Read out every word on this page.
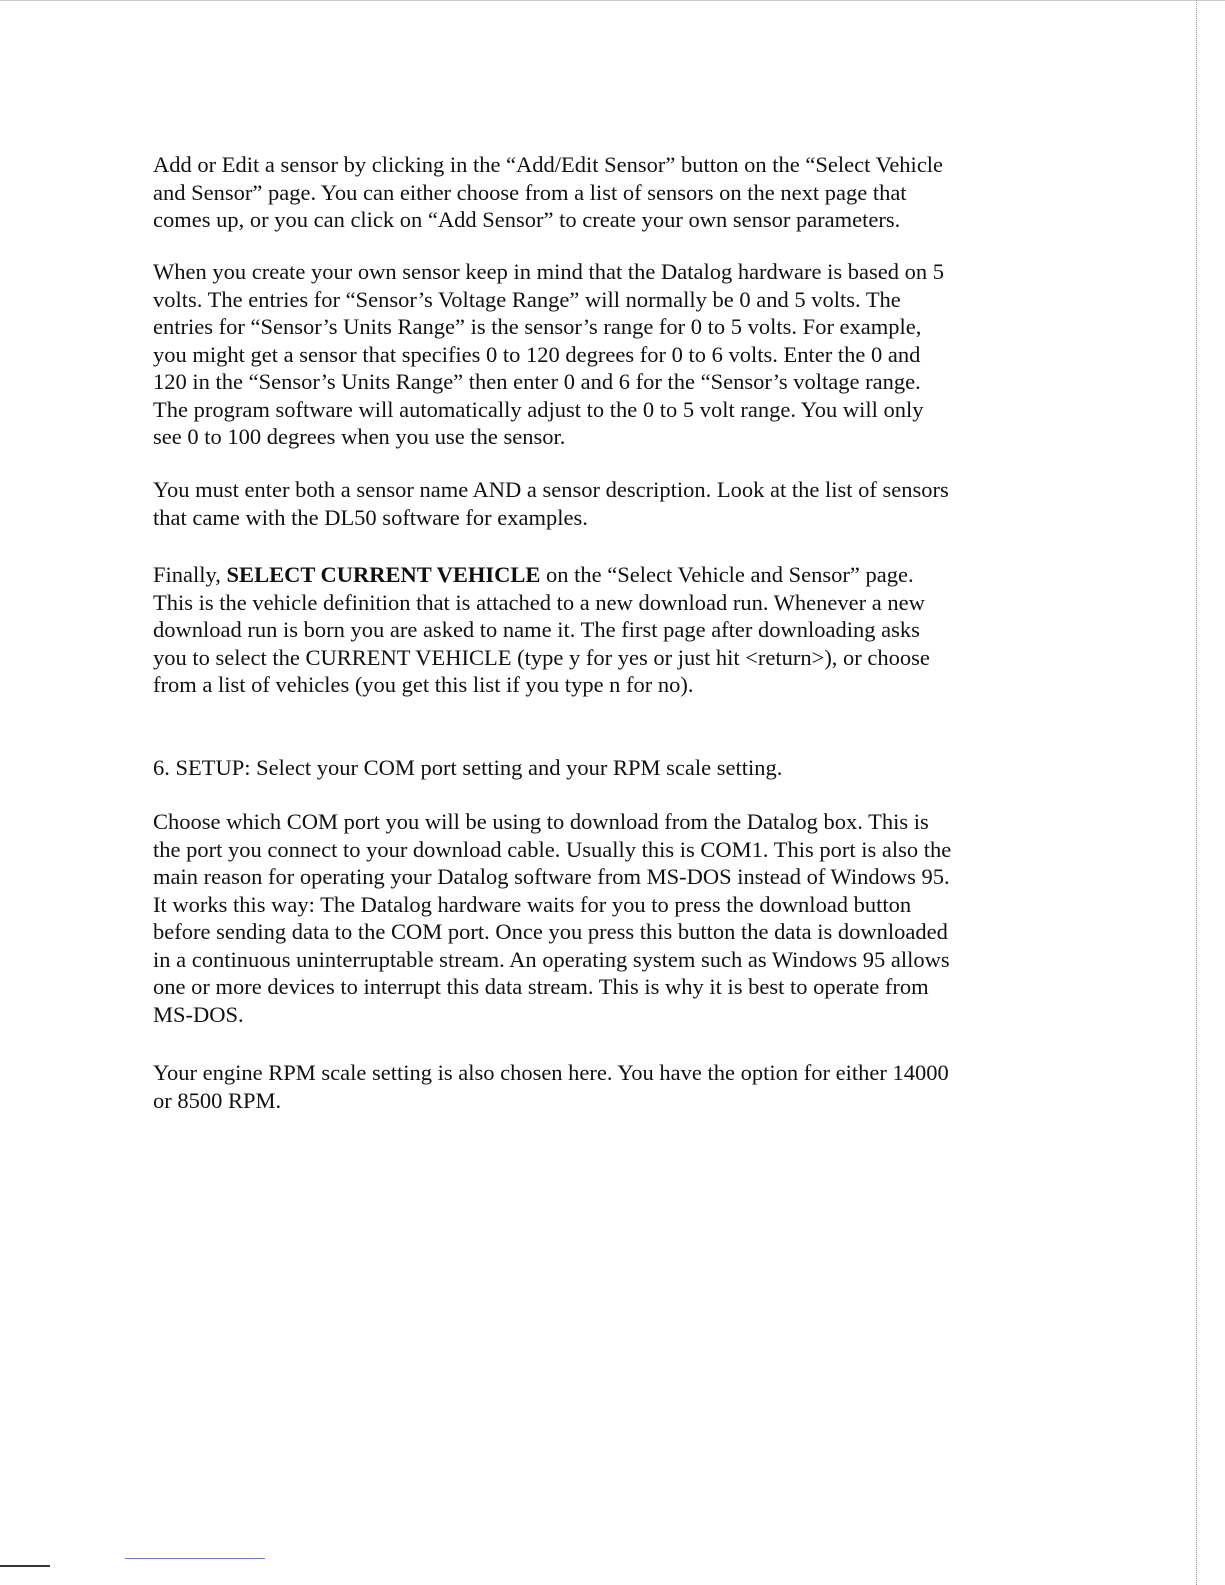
Add or Edit a sensor by clicking in the “Add/Edit Sensor” button on the “Select Vehicle
and Sensor” page. You can either choose from a list of sensors on the next page that
comes up, or you can click on “Add Sensor” to create your own sensor parameters.
When you create your own sensor keep in mind that the Datalog hardware is based on 5
volts. The entries for “Sensor’s Voltage Range” will normally be 0 and 5 volts. The
entries for “Sensor’s Units Range” is the sensor’s range for 0 to 5 volts. For example,
you might get a sensor that specifies 0 to 120 degrees for 0 to 6 volts. Enter the 0 and
120 in the “Sensor’s Units Range” then enter 0 and 6 for the “Sensor’s voltage range.
The program software will automatically adjust to the 0 to 5 volt range. You will only
see 0 to 100 degrees when you use the sensor.
You must enter both a sensor name AND a sensor description. Look at the list of sensors
that came with the DL50 software for examples.
Finally, SELECT CURRENT VEHICLE on the “Select Vehicle and Sensor” page.
This is the vehicle definition that is attached to a new download run. Whenever a new
download run is born you are asked to name it. The first page after downloading asks
you to select the CURRENT VEHICLE (type y for yes or just hit <return>), or choose
from a list of vehicles (you get this list if you type n for no).
6. SETUP: Select your COM port setting and your RPM scale setting.
Choose which COM port you will be using to download from the Datalog box. This is
the port you connect to your download cable. Usually this is COM1. This port is also the
main reason for operating your Datalog software from MS-DOS instead of Windows 95.
It works this way: The Datalog hardware waits for you to press the download button
before sending data to the COM port. Once you press this button the data is downloaded
in a continuous uninterruptable stream. An operating system such as Windows 95 allows
one or more devices to interrupt this data stream. This is why it is best to operate from
MS-DOS.
Your engine RPM scale setting is also chosen here. You have the option for either 14000
or 8500 RPM.
